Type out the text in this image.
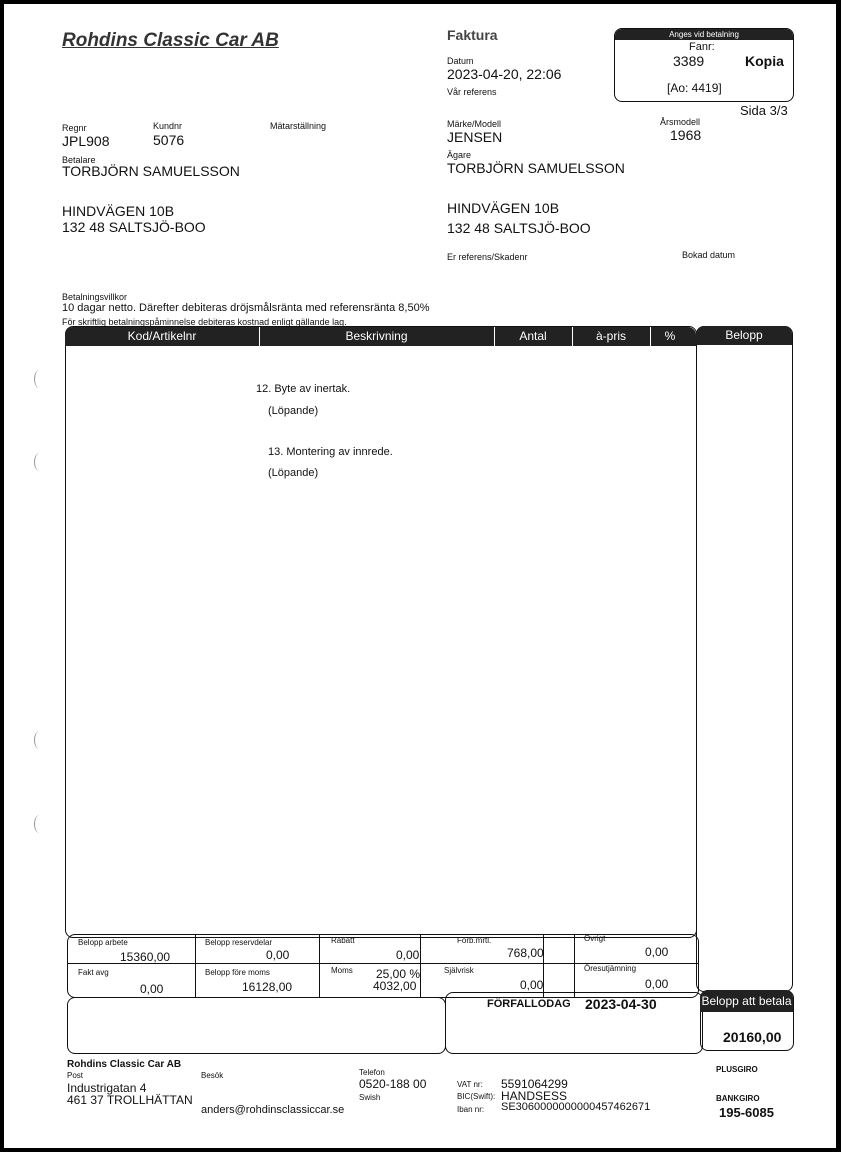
Rohdins Classic Car AB	Faktura
Datum
2023-04-20, 22:06
Vår referens
Anges vid betalning
Fanr:
3389	Kopia
[Ao: 4419]
Sida 3/3
Regnr
JPL908
Kundnr
5076
Mätarställning	Märke/Modell
JENSEN
Årsmodell
1968
Betalare
TORBJÖRN SAMUELSSON
HINDVÄGEN 10B
132 48 SALTSJÖ-BOO
Ägare
TORBJÖRN SAMUELSSON
HINDVÄGEN 10B
132 48 SALTSJÖ-BOO
Er referens/Skadenr	Bokad datum
Betalningsvillkor
10 dagar netto. Därefter debiteras dröjsmålsränta med referensränta 8,50%
För skriftlig betalningspåminnelse debiteras kostnad enligt gällande lag.
Kod/Artikelnr	Beskrivning	Antal	à-pris	%	Belopp
12. Byte av inertak.
(Löpande)
13. Montering av innrede.
(Löpande)
Belopp arbete
15360,00
Belopp reservdelar
0,00
Rabatt
0,00
Förb.mrtl.
768,00
Övrigt
0,00
Fakt avg
0,00
Belopp före moms
16128,00
Moms 25,00 %
4032,00
Självrisk
0,00
Öresutjämning
0,00
FÖRFALLODAG 2023-04-30	Belopp att betala
20160,00
Rohdins Classic Car AB
Post
Industrigatan 4
461 37 TROLLHÄTTAN
Besök
anders@rohdinsclassiccar.se
Telefon
0520-188 00
Swish
VAT nr: 5591064299
BIC(Swift): HANDSESS
Iban nr: SE3060000000000457462671
PLUSGIRO
BANKGIRO
195-6085
